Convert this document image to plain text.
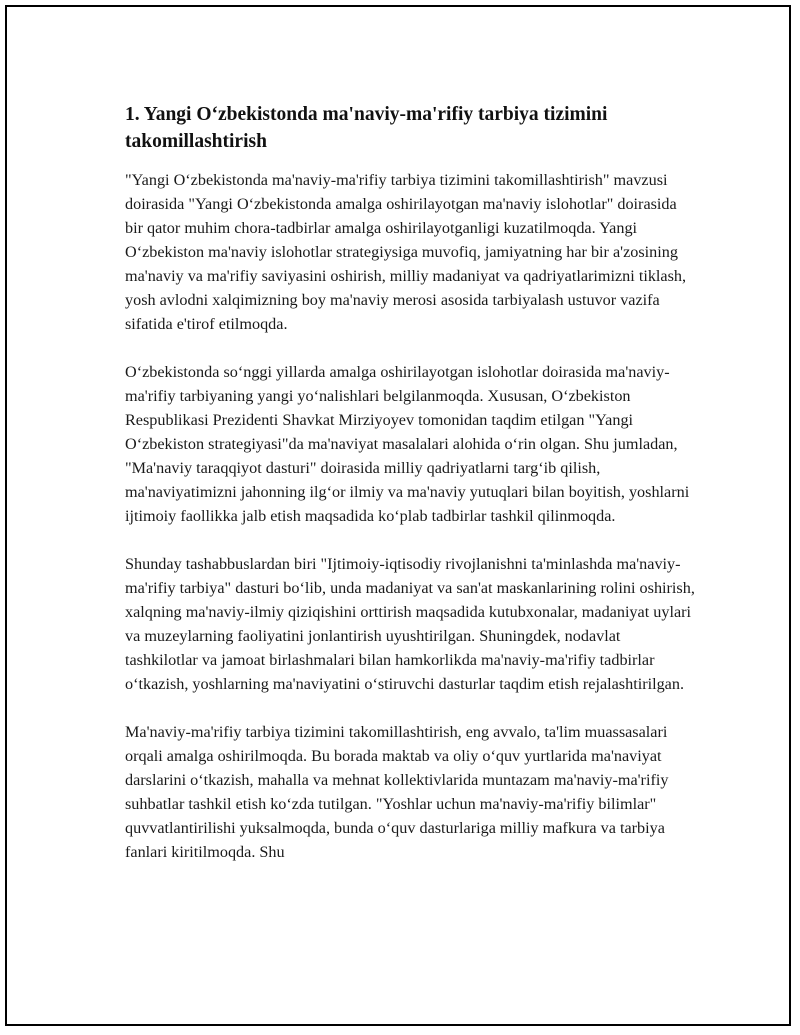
1. Yangi O‘zbekistonda ma'naviy-ma'rifiy tarbiya tizimini takomillashtirish

"Yangi O‘zbekistonda ma'naviy-ma'rifiy tarbiya tizimini takomillashtirish" mavzusi doirasida "Yangi O‘zbekistonda amalga oshirilayotgan ma'naviy islohotlar" doirasida bir qator muhim chora-tadbirlar amalga oshirilayotganligi kuzatilmoqda. Yangi O‘zbekiston ma'naviy islohotlar strategiysiga muvofiq, jamiyatning har bir a'zosining ma'naviy va ma'rifiy saviyasini oshirish, milliy madaniyat va qadriyatlarimizni tiklash, yosh avlodni xalqimizning boy ma'naviy merosi asosida tarbiyalash ustuvor vazifa sifatida e'tirof etilmoqda.

O‘zbekistonda so‘nggi yillarda amalga oshirilayotgan islohotlar doirasida ma'naviy-ma'rifiy tarbiyaning yangi yo‘nalishlari belgilanmoqda. Xususan, O‘zbekiston Respublikasi Prezidenti Shavkat Mirziyoyev tomonidan taqdim etilgan "Yangi O‘zbekiston strategiyasi"da ma'naviyat masalalari alohida o‘rin olgan. Shu jumladan, "Ma'naviy taraqqiyot dasturi" doirasida milliy qadriyatlarni targ‘ib qilish, ma'naviyatimizni jahonning ilg‘or ilmiy va ma'naviy yutuqlari bilan boyitish, yoshlarni ijtimoiy faollikka jalb etish maqsadida ko‘plab tadbirlar tashkil qilinmoqda.

Shunday tashabbuslardan biri "Ijtimoiy-iqtisodiy rivojlanishni ta'minlashda ma'naviy-ma'rifiy tarbiya" dasturi bo‘lib, unda madaniyat va san'at maskanlarining rolini oshirish, xalqning ma'naviy-ilmiy qiziqishini orttirish maqsadida kutubxonalar, madaniyat uylari va muzeylarning faoliyatini jonlantirish uyushtirilgan. Shuningdek, nodavlat tashkilotlar va jamoat birlashmalari bilan hamkorlikda ma'naviy-ma'rifiy tadbirlar o‘tkazish, yoshlarning ma'naviyatini o‘stiruvchi dasturlar taqdim etish rejalashtirilgan.

Ma'naviy-ma'rifiy tarbiya tizimini takomillashtirish, eng avvalo, ta'lim muassasalari orqali amalga oshirilmoqda. Bu borada maktab va oliy o‘quv yurtlarida ma'naviyat darslarini o‘tkazish, mahalla va mehnat kollektivlarida muntazam ma'naviy-ma'rifiy suhbatlar tashkil etish ko‘zda tutilgan. "Yoshlar uchun ma'naviy-ma'rifiy bilimlar" quvvatlantirilishi yuksalmoqda, bunda o‘quv dasturlariga milliy mafkura va tarbiya fanlari kiritilmoqda. Shu
